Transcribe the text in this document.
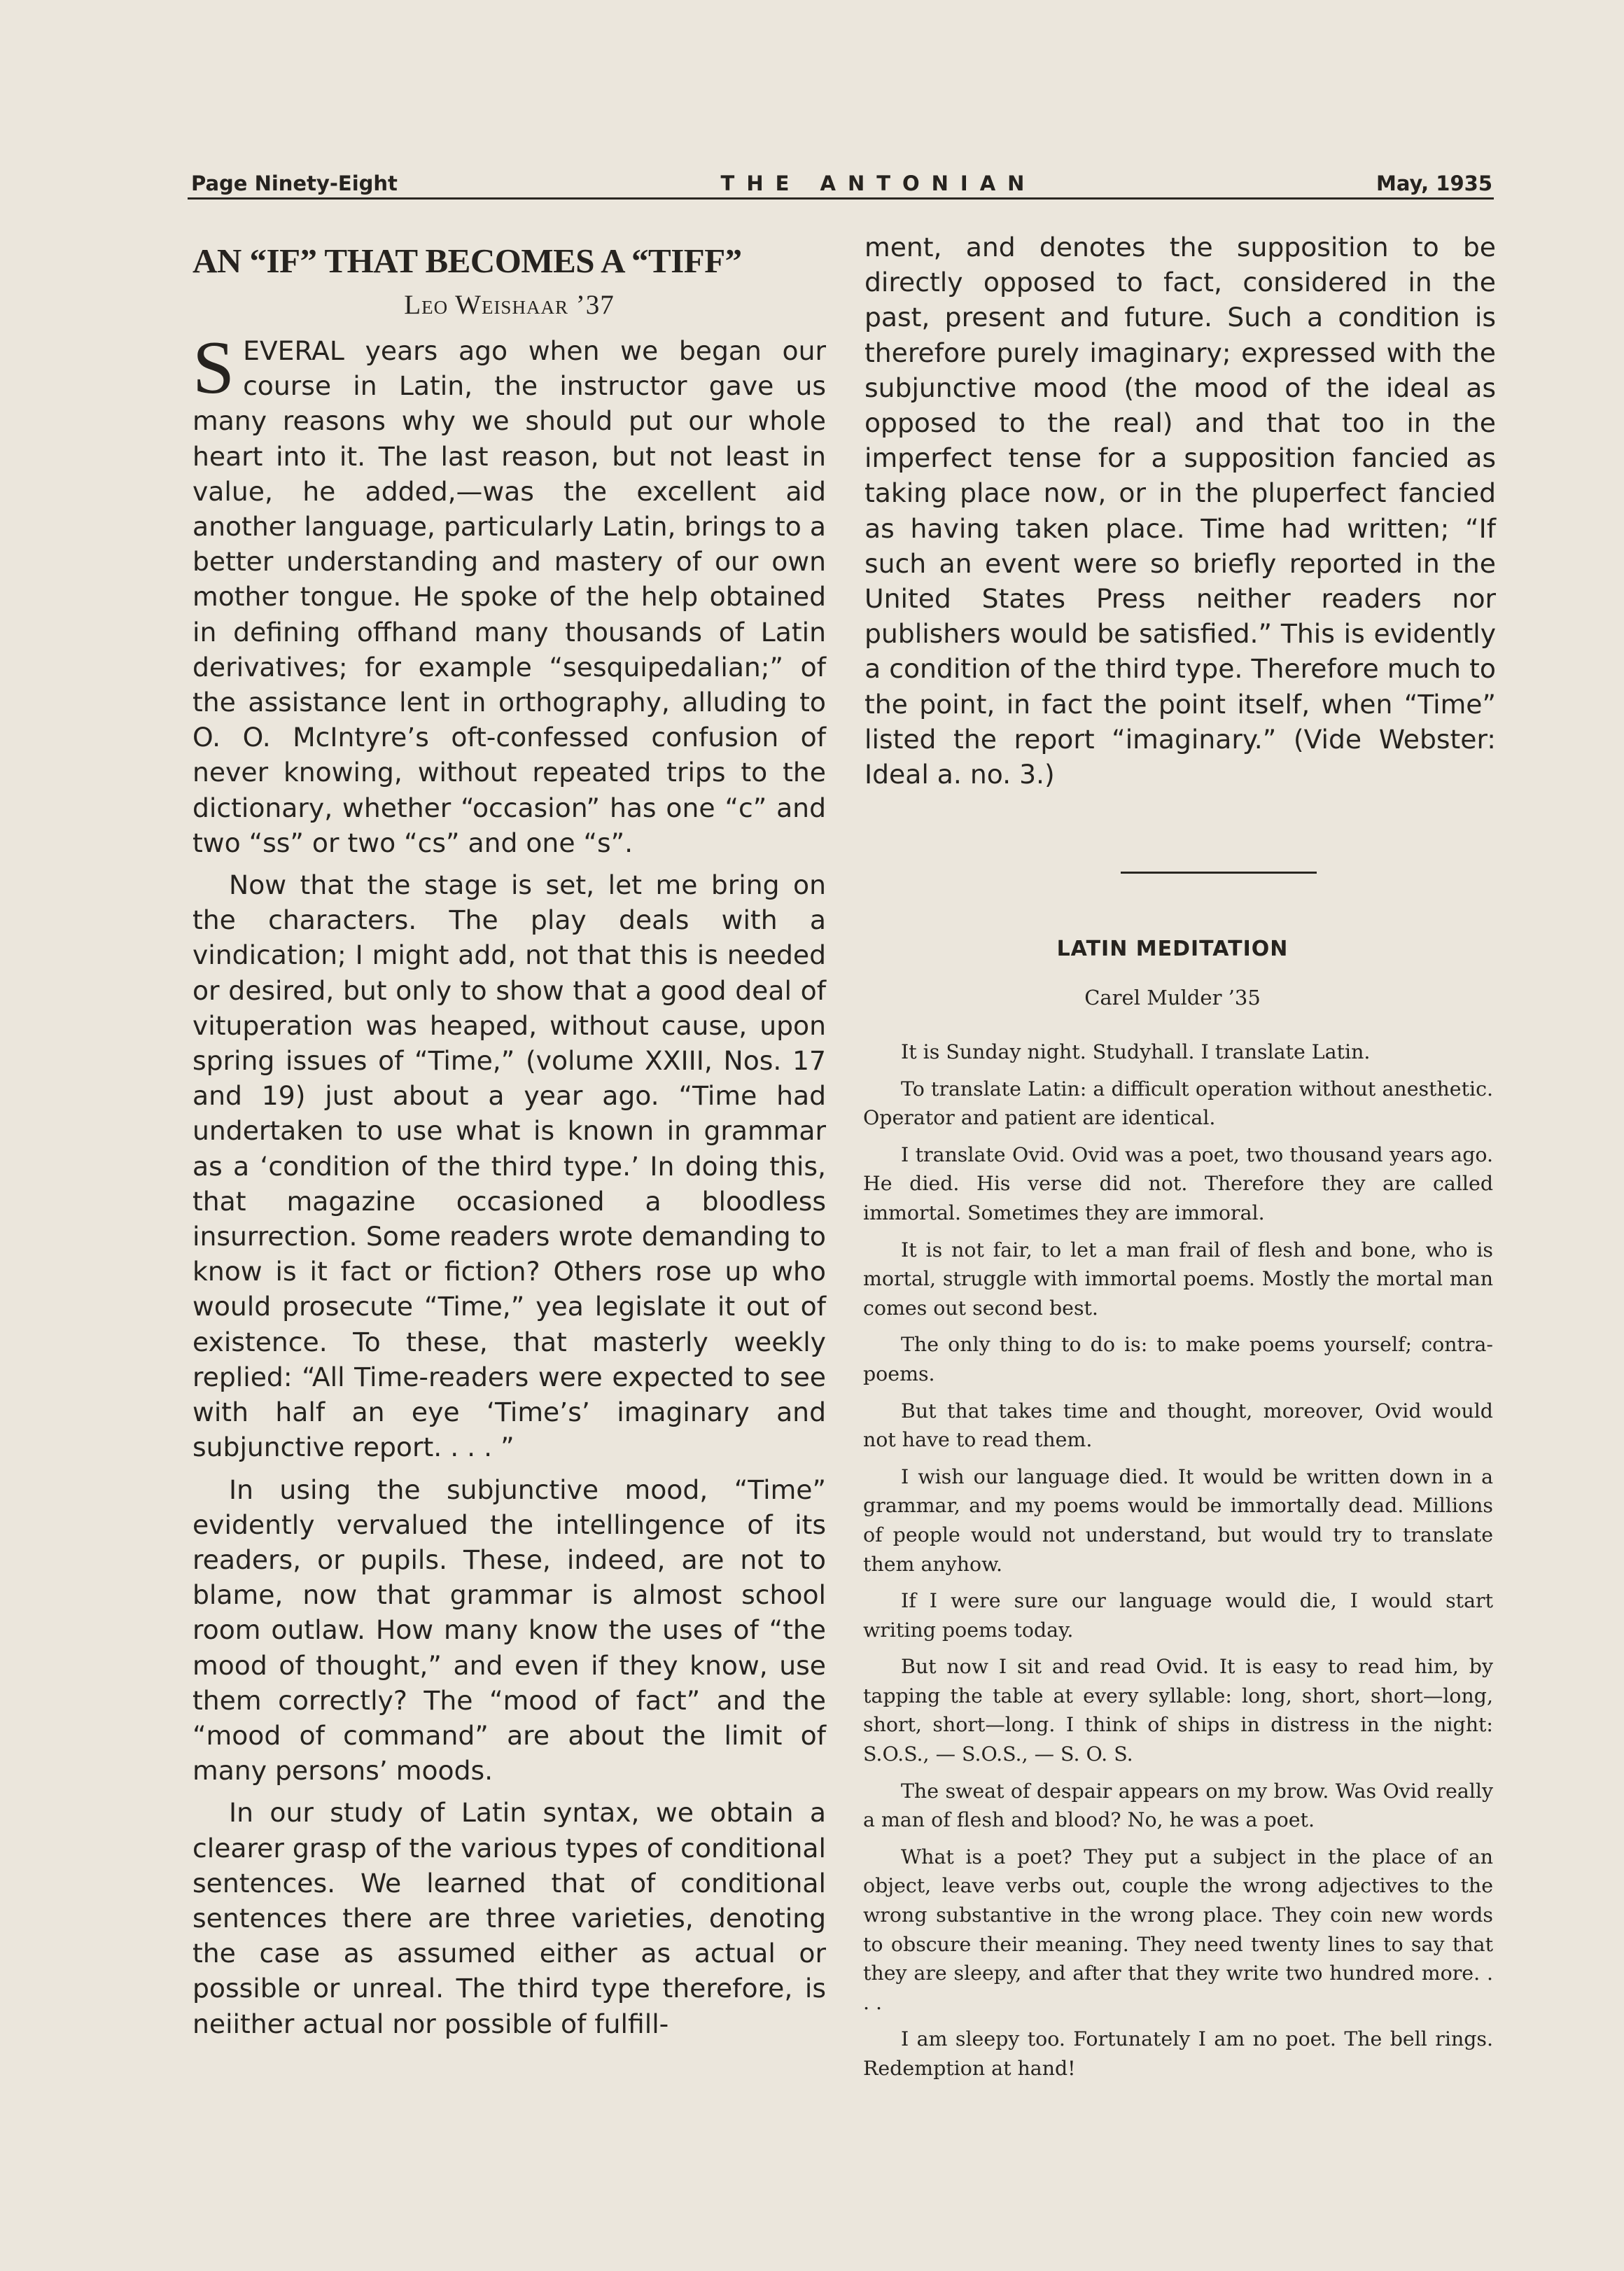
Page Ninety-Eight	THE ANTONIAN	May, 1935
AN “IF” THAT BECOMES A “TIFF”
Leo Weishaar ’37

SEVERAL years ago when we began our course in Latin, the instructor gave us many reasons why we should put our whole heart into it. The last reason, but not least in value, he added,—was the excellent aid another language, particularly Latin, brings to a better understanding and mastery of our own mother tongue. He spoke of the help obtained in defining offhand many thousands of Latin derivatives; for example “sesquipedalian;” of the assistance lent in orthography, alluding to O. O. McIntyre’s oft-confessed confusion of never knowing, without repeated trips to the dictionary, whether “occasion” has one “c” and two “ss” or two “cs” and one “s”.

Now that the stage is set, let me bring on the characters. The play deals with a vindication; I might add, not that this is needed or desired, but only to show that a good deal of vituperation was heaped, without cause, upon spring issues of “Time,” (volume XXIII, Nos. 17 and 19) just about a year ago. “Time had undertaken to use what is known in grammar as a ‘condition of the third type.’ In doing this, that magazine occasioned a bloodless insurrection. Some readers wrote demanding to know is it fact or fiction? Others rose up who would prosecute “Time,” yea legislate it out of existence. To these, that masterly weekly replied: “All Time-readers were expected to see with half an eye ‘Time’s’ imaginary and subjunctive report. . . . ”

In using the subjunctive mood, “Time” evidently vervalued the intellingence of its readers, or pupils. These, indeed, are not to blame, now that grammar is almost school room outlaw. How many know the uses of “the mood of thought,” and even if they know, use them correctly? The “mood of fact” and the “mood of command” are about the limit of many persons’ moods.

In our study of Latin syntax, we obtain a clearer grasp of the various types of conditional sentences. We learned that of conditional sentences there are three varieties, denoting the case as assumed either as actual or possible or unreal. The third type therefore, is neiither actual nor possible of fulfill-

ment, and denotes the supposition to be directly opposed to fact, considered in the past, present and future. Such a condition is therefore purely imaginary; expressed with the subjunctive mood (the mood of the ideal as opposed to the real) and that too in the imperfect tense for a supposition fancied as taking place now, or in the pluperfect fancied as having taken place. Time had written; “If such an event were so briefly reported in the United States Press neither readers nor publishers would be satisfied.” This is evidently a condition of the third type. Therefore much to the point, in fact the point itself, when “Time” listed the report “imaginary.” (Vide Webster: Ideal a. no. 3.)

LATIN MEDITATION
Carel Mulder ’35

It is Sunday night. Studyhall. I translate Latin.

To translate Latin: a difficult operation without anesthetic. Operator and patient are identical.

I translate Ovid. Ovid was a poet, two thousand years ago. He died. His verse did not. Therefore they are called immortal. Sometimes they are immoral.

It is not fair, to let a man frail of flesh and bone, who is mortal, struggle with immortal poems. Mostly the mortal man comes out second best.

The only thing to do is: to make poems yourself; contra-poems.

But that takes time and thought, moreover, Ovid would not have to read them.

I wish our language died. It would be written down in a grammar, and my poems would be immortally dead. Millions of people would not understand, but would try to translate them anyhow.

If I were sure our language would die, I would start writing poems today.

But now I sit and read Ovid. It is easy to read him, by tapping the table at every syllable: long, short, short—long, short, short—long. I think of ships in distress in the night: S.O.S., — S.O.S., — S. O. S.

The sweat of despair appears on my brow. Was Ovid really a man of flesh and blood? No, he was a poet.

What is a poet? They put a subject in the place of an object, leave verbs out, couple the wrong adjectives to the wrong substantive in the wrong place. They coin new words to obscure their meaning. They need twenty lines to say that they are sleepy, and after that they write two hundred more. . . .

I am sleepy too. Fortunately I am no poet. The bell rings. Redemption at hand!
